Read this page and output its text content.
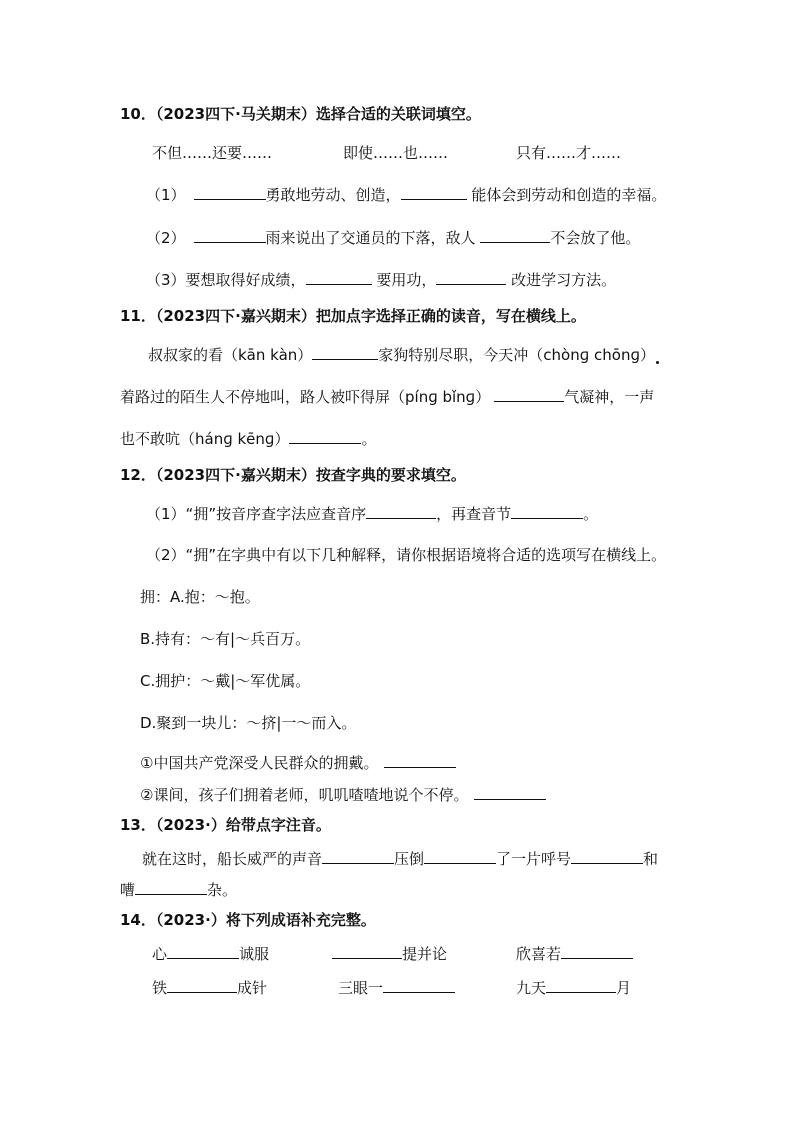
10．（2023四下·马关期末）选择合适的关联词填空。
不但……还要……	即使……也……	只有……才……
（1）	勇敢地劳动、创造，	能体会到劳动和创造的幸福。
（2）	雨来说出了交通员的下落，敌人	不会放了他。
（3）要想取得好成绩，	要用功，	改进学习方法。
11．（2023四下·嘉兴期末）把加点字选择正确的读音，写在横线上。
叔叔家的看（kān kàn）	家狗特别尽职，今天冲（chònɡ chōnɡ）
着路过的陌生人不停地叫，路人被吓得屏（pínɡ bǐnɡ）	气凝神，一声
也不敢吭（hánɡ kēnɡ）	。
12．（2023四下·嘉兴期末）按查字典的要求填空。
（1）“拥”按音序查字法应查音序	，再查音节	。
（2）“拥”在字典中有以下几种解释，请你根据语境将合适的选项写在横线上。
拥：A.抱：～抱。
B.持有：～有|～兵百万。
C.拥护：～戴|～军优属。
D.聚到一块儿：～挤|一～而入。
①中国共产党深受人民群众的拥戴。
②课间，孩子们拥着老师，叽叽喳喳地说个不停。
13．（2023·）给带点字注音。
就在这时，船长威严的声音	压倒	了一片呼号	和
嘈	杂。
14．（2023·）将下列成语补充完整。
心	诚服	提并论	欣喜若
铁	成针	三眼一	九天	月
